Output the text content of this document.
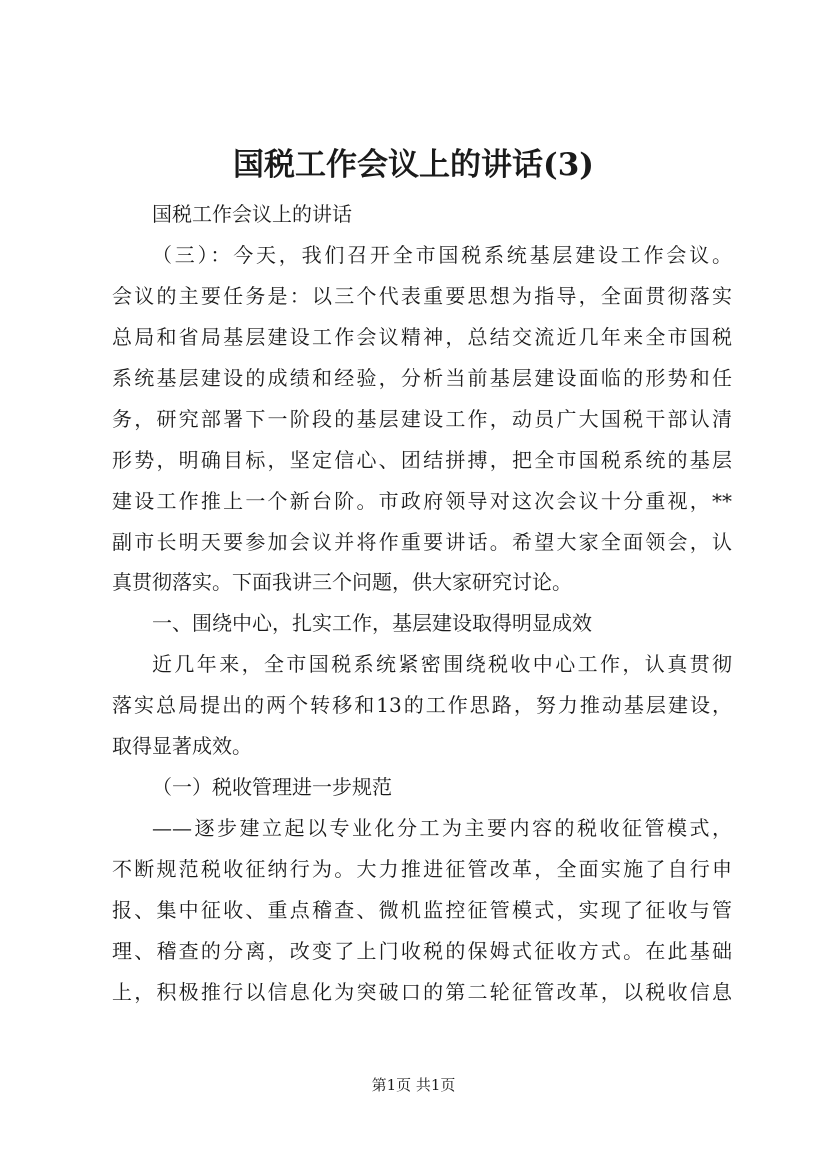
国税工作会议上的讲话(3)
国税工作会议上的讲话
（三）：今天，我们召开全市国税系统基层建设工作会议。
会议的主要任务是：以三个代表重要思想为指导，全面贯彻落实
总局和省局基层建设工作会议精神，总结交流近几年来全市国税
系统基层建设的成绩和经验，分析当前基层建设面临的形势和任
务，研究部署下一阶段的基层建设工作，动员广大国税干部认清
形势，明确目标，坚定信心、团结拼搏，把全市国税系统的基层
建设工作推上一个新台阶。市政府领导对这次会议十分重视，**
副市长明天要参加会议并将作重要讲话。希望大家全面领会，认
真贯彻落实。下面我讲三个问题，供大家研究讨论。
一、围绕中心，扎实工作，基层建设取得明显成效
近几年来，全市国税系统紧密围绕税收中心工作，认真贯彻
落实总局提出的两个转移和13的工作思路，努力推动基层建设，
取得显著成效。
（一）税收管理进一步规范
——逐步建立起以专业化分工为主要内容的税收征管模式，
不断规范税收征纳行为。大力推进征管改革，全面实施了自行申
报、集中征收、重点稽查、微机监控征管模式，实现了征收与管
理、稽查的分离，改变了上门收税的保姆式征收方式。在此基础
上，积极推行以信息化为突破口的第二轮征管改革，以税收信息
第1页 共1页
